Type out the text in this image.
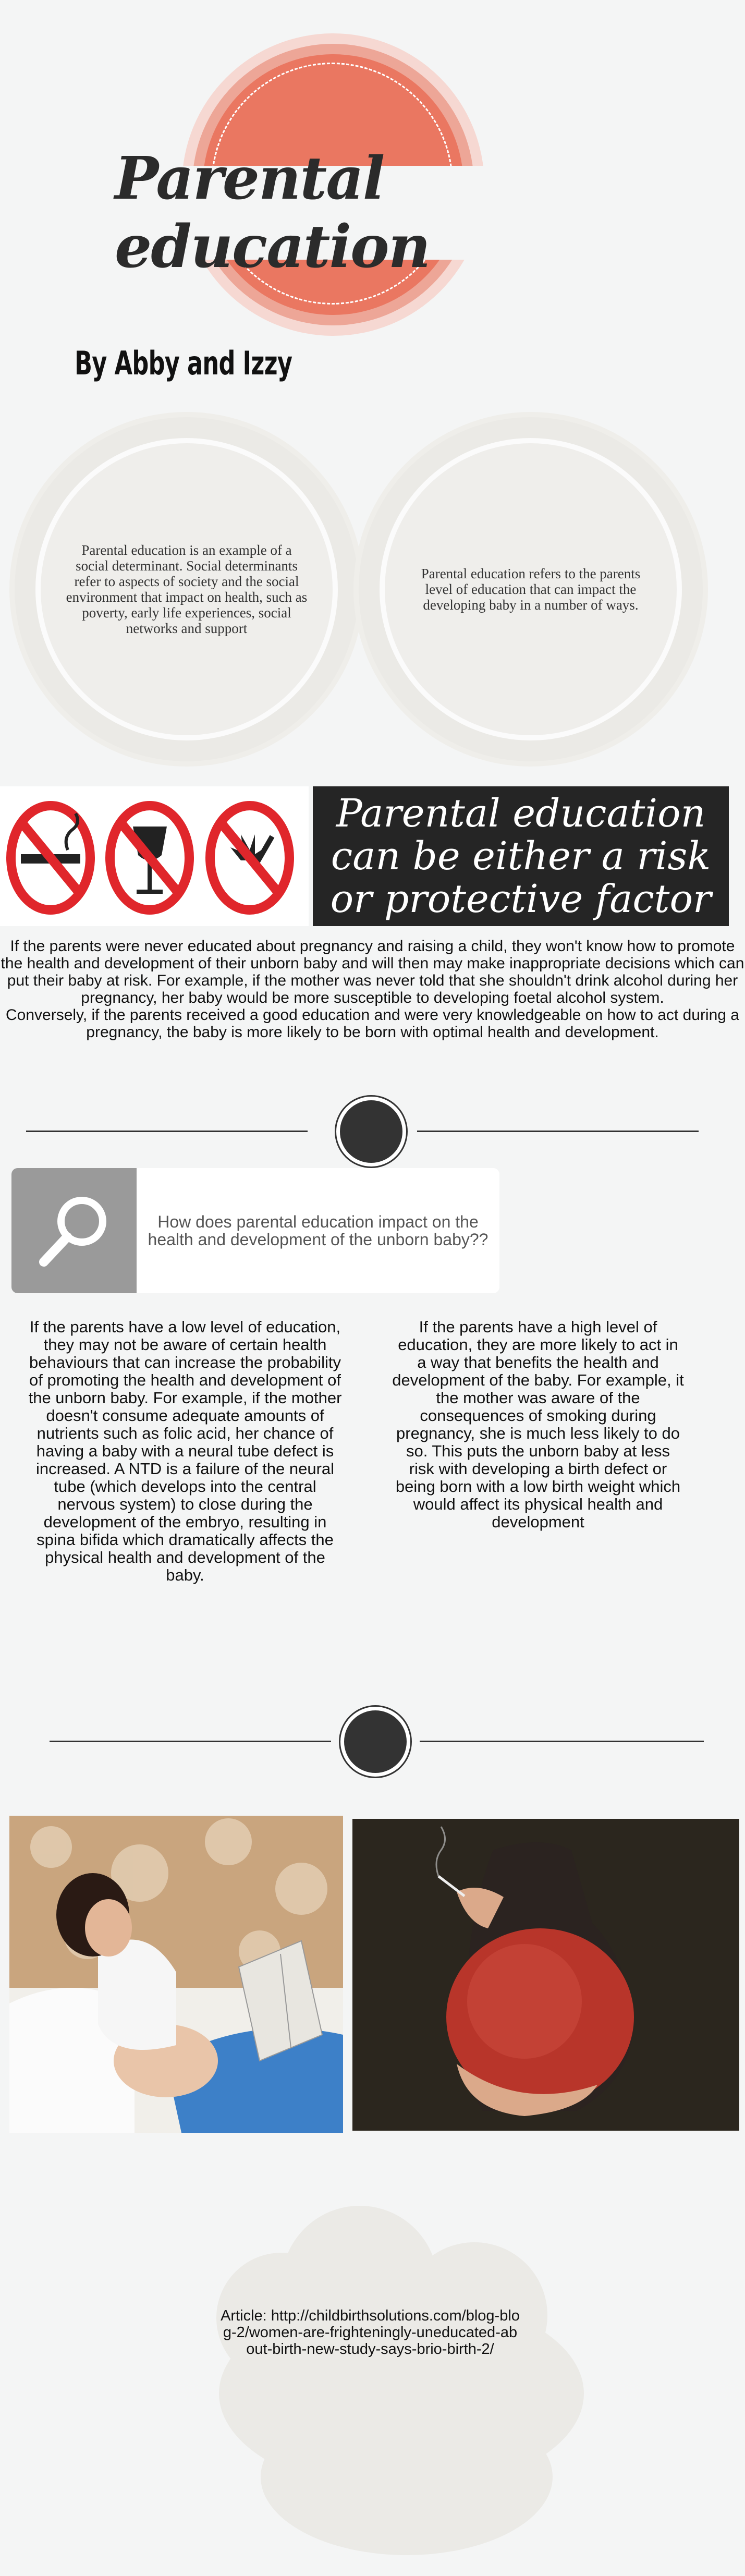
Parental education
By Abby and Izzy
Parental education is an example of a social determinant. Social determinants refer to aspects of society and the social environment that impact on health, such as poverty, early life experiences, social networks and support
Parental education refers to the parents level of education that can impact the developing baby in a number of ways.
Parental education can be either a risk or protective factor
If the parents were never educated about pregnancy and raising a child, they won't know how to promote the health and development of their unborn baby and will then may make inappropriate decisions which can put their baby at risk. For example, if the mother was never told that she shouldn't drink alcohol during her pregnancy, her baby would be more susceptible to developing foetal alcohol system.
Conversely, if the parents received a good education and were very knowledgeable on how to act during a pregnancy, the baby is more likely to be born with optimal health and development.
How does parental education impact on the health and development of the unborn baby??
If the parents have a low level of education, they may not be aware of certain health behaviours that can increase the probability of promoting the health and development of the unborn baby. For example, if the mother doesn't consume adequate amounts of nutrients such as folic acid, her chance of having a baby with a neural tube defect is increased. A NTD is a failure of the neural tube (which develops into the central nervous system) to close during the development of the embryo, resulting in spina bifida which dramatically affects the physical health and development of the baby.
If the parents have a high level of education, they are more likely to act in a way that benefits the health and development of the baby. For example, it the mother was aware of the consequences of smoking during pregnancy, she is much less likely to do so. This puts the unborn baby at less risk with developing a birth defect or being born with a low birth weight which would affect its physical health and development
Article: http://childbirthsolutions.com/blog-blog-2/women-are-frighteningly-uneducated-about-birth-new-study-says-brio-birth-2/
